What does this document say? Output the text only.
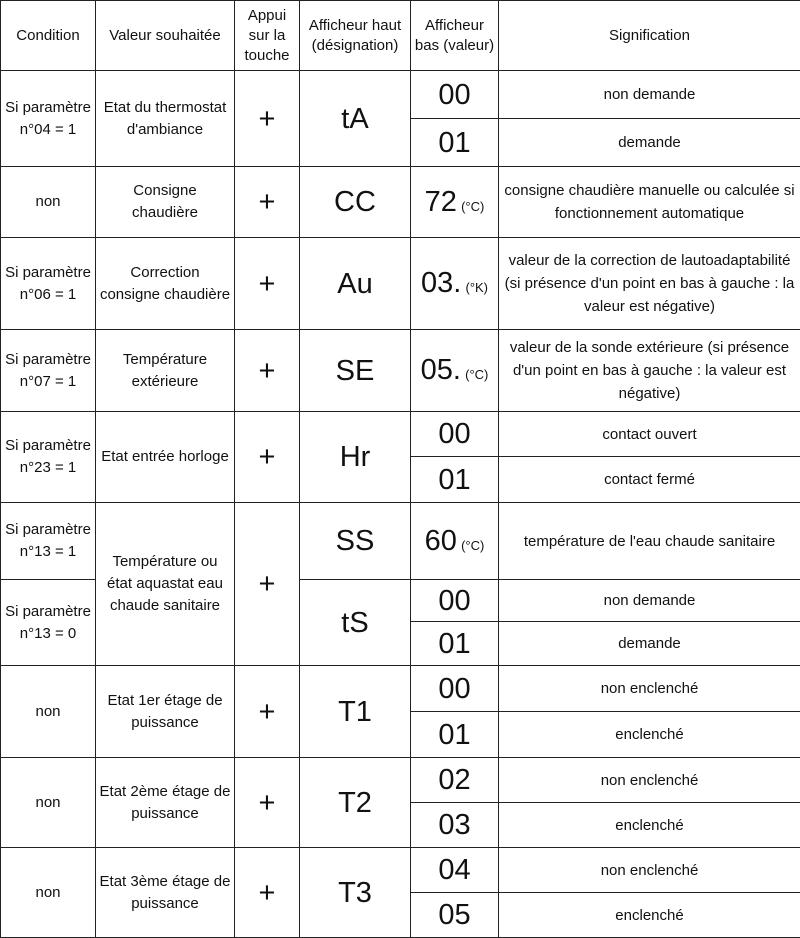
Condition	Valeur souhaitée	Appui sur la touche	Afficheur haut (désignation)	Afficheur bas (valeur)	Signification
Si paramètre n°04 = 1	Etat du thermostat d'ambiance	+	tA	00	non demande
				01	demande
non	Consigne chaudière	+	CC	72 (°C)	consigne chaudière manuelle ou calculée si fonctionnement automatique
Si paramètre n°06 = 1	Correction consigne chaudière	+	Au	03. (°K)	valeur de la correction de lautoadaptabilité (si présence d'un point en bas à gauche : la valeur est négative)
Si paramètre n°07 = 1	Température extérieure	+	SE	05. (°C)	valeur de la sonde extérieure (si présence d'un point en bas à gauche : la valeur est négative)
Si paramètre n°23 = 1	Etat entrée horloge	+	Hr	00	contact ouvert
				01	contact fermé
Si paramètre n°13 = 1	Température ou état aquastat eau chaude sanitaire	+	SS	60 (°C)	température de l'eau chaude sanitaire
Si paramètre n°13 = 0			tS	00	non demande
				01	demande
non	Etat 1er étage de puissance	+	T1	00	non enclenché
				01	enclenché
non	Etat 2ème étage de puissance	+	T2	02	non enclenché
				03	enclenché
non	Etat 3ème étage de puissance	+	T3	04	non enclenché
				05	enclenché
